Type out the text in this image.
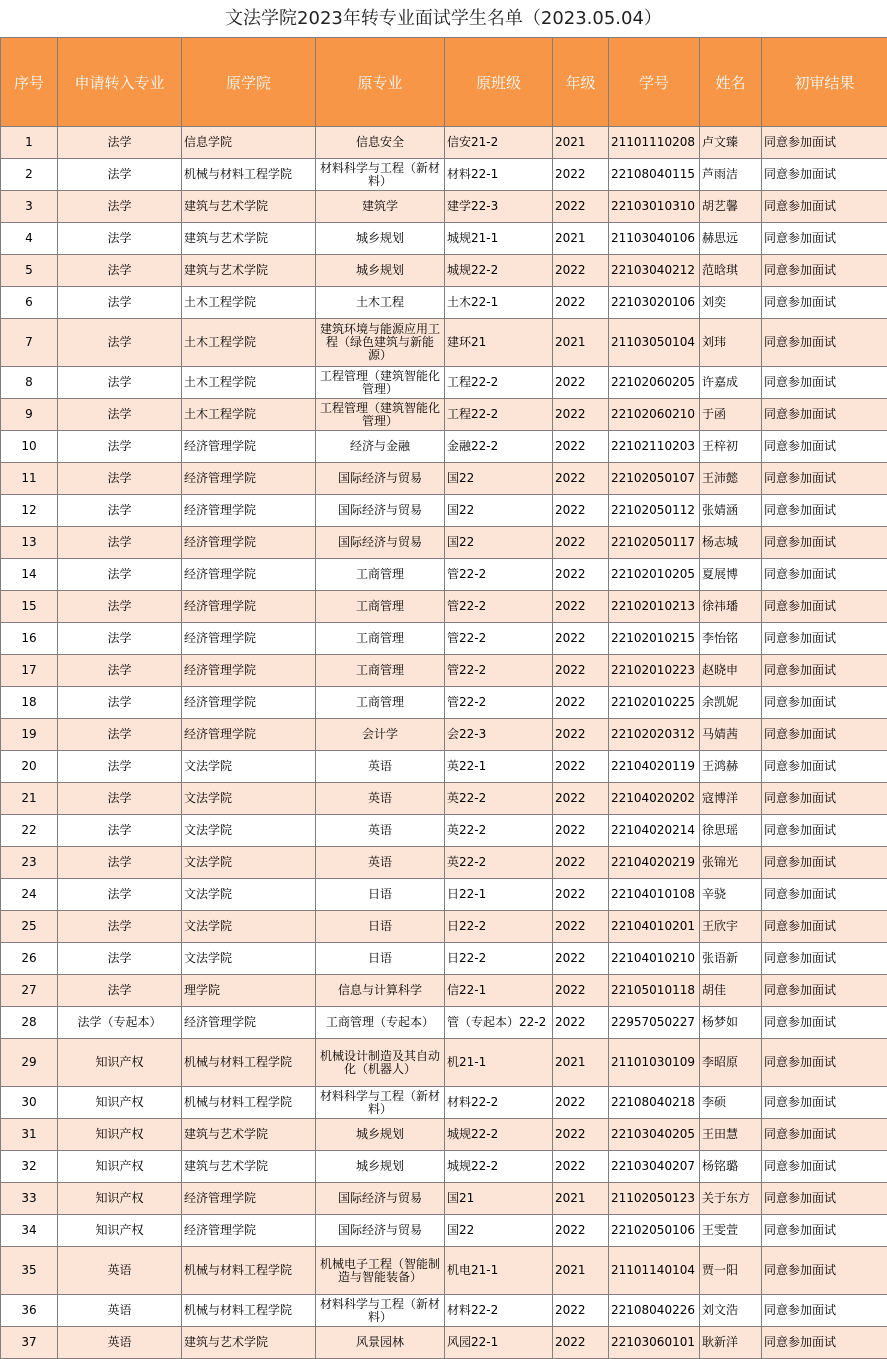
文法学院2023年转专业面试学生名单（2023.05.04）
序号	申请转入专业	原学院	原专业	原班级	年级	学号	姓名	初审结果
1	法学	信息学院	信息安全	信安21-2	2021	21101110208	卢文臻	同意参加面试
2	法学	机械与材料工程学院	材料科学与工程（新材料）	材料22-1	2022	22108040115	芦雨洁	同意参加面试
3	法学	建筑与艺术学院	建筑学	建学22-3	2022	22103010310	胡艺馨	同意参加面试
4	法学	建筑与艺术学院	城乡规划	城规21-1	2021	21103040106	赫思远	同意参加面试
5	法学	建筑与艺术学院	城乡规划	城规22-2	2022	22103040212	范晗琪	同意参加面试
6	法学	土木工程学院	土木工程	土木22-1	2022	22103020106	刘奕	同意参加面试
7	法学	土木工程学院	建筑环境与能源应用工程（绿色建筑与新能源）	建环21	2021	21103050104	刘玮	同意参加面试
8	法学	土木工程学院	工程管理（建筑智能化管理）	工程22-2	2022	22102060205	许嘉成	同意参加面试
9	法学	土木工程学院	工程管理（建筑智能化管理）	工程22-2	2022	22102060210	于函	同意参加面试
10	法学	经济管理学院	经济与金融	金融22-2	2022	22102110203	王梓初	同意参加面试
11	法学	经济管理学院	国际经济与贸易	国22	2022	22102050107	王沛懿	同意参加面试
12	法学	经济管理学院	国际经济与贸易	国22	2022	22102050112	张婧涵	同意参加面试
13	法学	经济管理学院	国际经济与贸易	国22	2022	22102050117	杨志城	同意参加面试
14	法学	经济管理学院	工商管理	管22-2	2022	22102010205	夏展博	同意参加面试
15	法学	经济管理学院	工商管理	管22-2	2022	22102010213	徐祎璠	同意参加面试
16	法学	经济管理学院	工商管理	管22-2	2022	22102010215	李怡铭	同意参加面试
17	法学	经济管理学院	工商管理	管22-2	2022	22102010223	赵晓申	同意参加面试
18	法学	经济管理学院	工商管理	管22-2	2022	22102010225	余凯妮	同意参加面试
19	法学	经济管理学院	会计学	会22-3	2022	22102020312	马婧茜	同意参加面试
20	法学	文法学院	英语	英22-1	2022	22104020119	王鸿赫	同意参加面试
21	法学	文法学院	英语	英22-2	2022	22104020202	寇博洋	同意参加面试
22	法学	文法学院	英语	英22-2	2022	22104020214	徐思瑶	同意参加面试
23	法学	文法学院	英语	英22-2	2022	22104020219	张锦光	同意参加面试
24	法学	文法学院	日语	日22-1	2022	22104010108	辛骁	同意参加面试
25	法学	文法学院	日语	日22-2	2022	22104010201	王欣宇	同意参加面试
26	法学	文法学院	日语	日22-2	2022	22104010210	张语新	同意参加面试
27	法学	理学院	信息与计算科学	信22-1	2022	22105010118	胡佳	同意参加面试
28	法学（专起本）	经济管理学院	工商管理（专起本）	管（专起本）22-2	2022	22957050227	杨梦如	同意参加面试
29	知识产权	机械与材料工程学院	机械设计制造及其自动化（机器人）	机21-1	2021	21101030109	李昭原	同意参加面试
30	知识产权	机械与材料工程学院	材料科学与工程（新材料）	材料22-2	2022	22108040218	李硕	同意参加面试
31	知识产权	建筑与艺术学院	城乡规划	城规22-2	2022	22103040205	王田慧	同意参加面试
32	知识产权	建筑与艺术学院	城乡规划	城规22-2	2022	22103040207	杨铭璐	同意参加面试
33	知识产权	经济管理学院	国际经济与贸易	国21	2021	21102050123	关于东方	同意参加面试
34	知识产权	经济管理学院	国际经济与贸易	国22	2022	22102050106	王雯萱	同意参加面试
35	英语	机械与材料工程学院	机械电子工程（智能制造与智能装备）	机电21-1	2021	21101140104	贾一阳	同意参加面试
36	英语	机械与材料工程学院	材料科学与工程（新材料）	材料22-2	2022	22108040226	刘文浩	同意参加面试
37	英语	建筑与艺术学院	风景园林	风园22-1	2022	22103060101	耿新洋	同意参加面试
